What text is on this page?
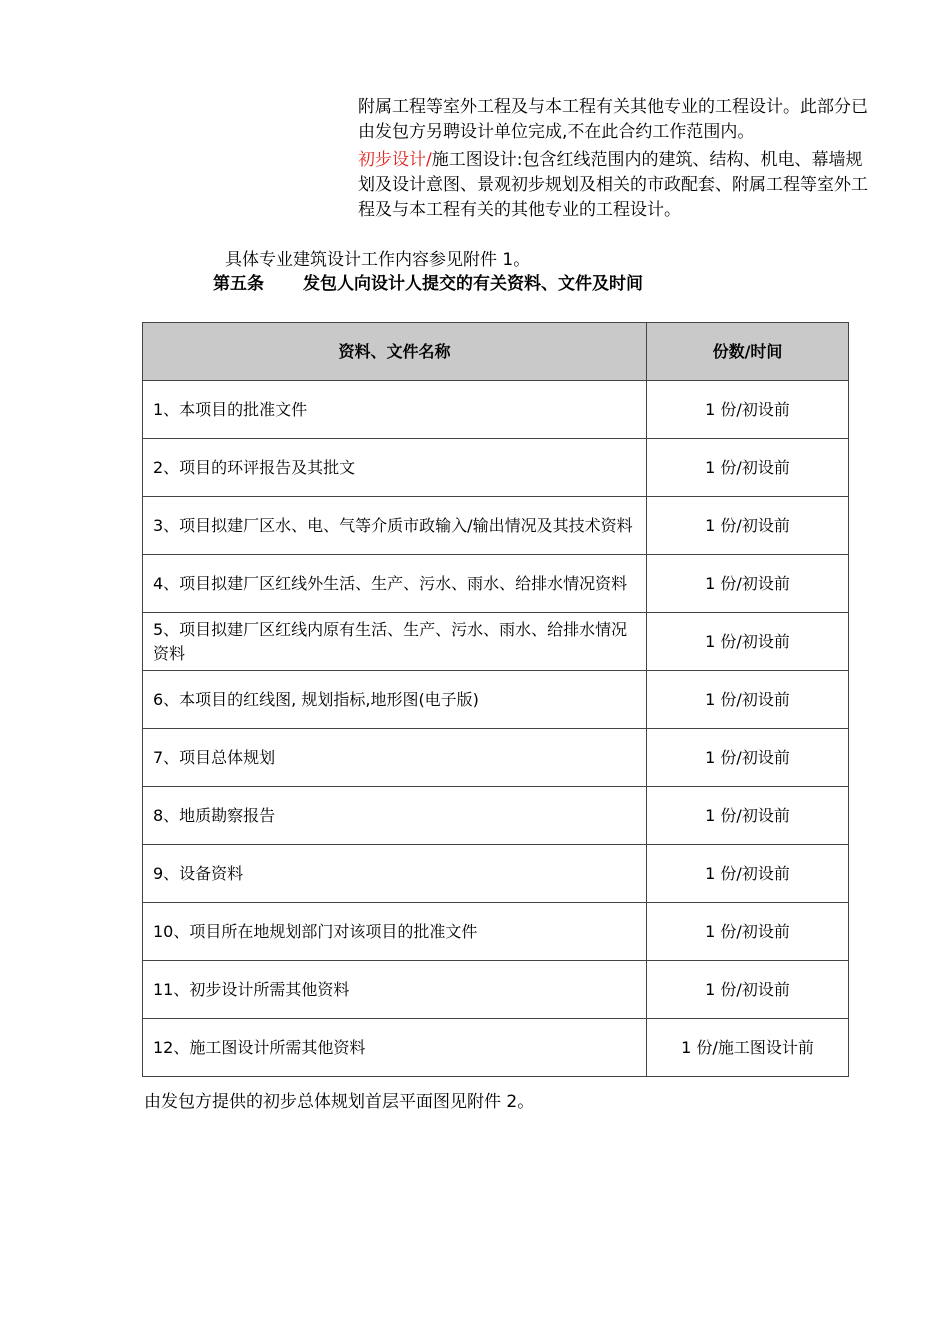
附属工程等室外工程及与本工程有关其他专业的工程设计。此部分已由发包方另聘设计单位完成,不在此合约工作范围内。

初步设计/施工图设计:包含红线范围内的建筑、结构、机电、幕墙规划及设计意图、景观初步规划及相关的市政配套、附属工程等室外工程及与本工程有关的其他专业的工程设计。

具体专业建筑设计工作内容参见附件 1。
第五条 发包人向设计人提交的有关资料、文件及时间
资料、文件名称	份数/时间
1、本项目的批准文件	1 份/初设前
2、项目的环评报告及其批文	1 份/初设前
3、项目拟建厂区水、电、气等介质市政输入/输出情况及其技术资料	1 份/初设前
4、项目拟建厂区红线外生活、生产、污水、雨水、给排水情况资料	1 份/初设前
5、项目拟建厂区红线内原有生活、生产、污水、雨水、给排水情况资料	1 份/初设前
6、本项目的红线图, 规划指标,地形图(电子版)	1 份/初设前
7、项目总体规划	1 份/初设前
8、地质勘察报告	1 份/初设前
9、设备资料	1 份/初设前
10、项目所在地规划部门对该项目的批准文件	1 份/初设前
11、初步设计所需其他资料	1 份/初设前
12、施工图设计所需其他资料	1 份/施工图设计前
由发包方提供的初步总体规划首层平面图见附件 2。
